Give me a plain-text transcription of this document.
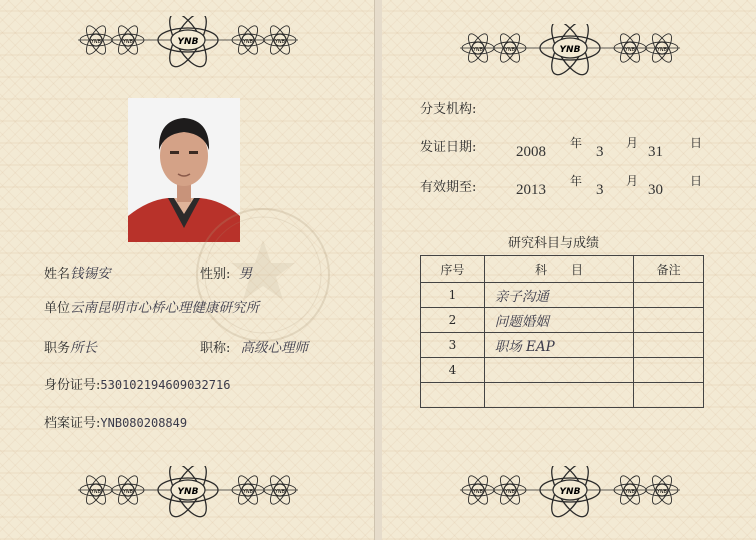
YNB	YNB	YNB	YNB	YNB
YNB	YNB	YNB	YNB	YNB
YNB	YNB	YNB	YNB	YNB
YNB	YNB	YNB	YNB	YNB
姓名钱锡安	性别: 男
单位云南昆明市心桥心理健康研究所
职务所长	职称: 高级心理师
身份证号:530102194609032716
档案证号:YNB080208849
分支机构:
发证日期:	2008
年
3
月
31
日
有效期至:	2013
年
3
月
30
日
研究科目与成绩
序号	科　　目	备注
1	亲子沟通	
2	问题婚姻	
3	职场 EAP	
4		
